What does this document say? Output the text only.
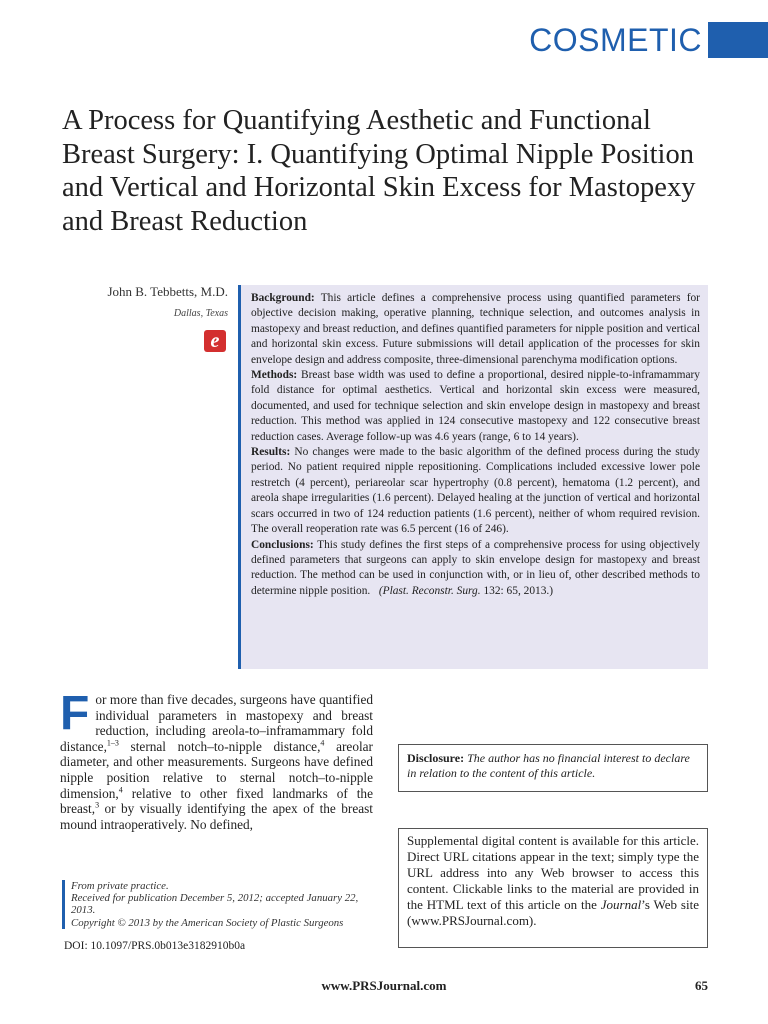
COSMETIC
A Process for Quantifying Aesthetic and Functional Breast Surgery: I. Quantifying Optimal Nipple Position and Vertical and Horizontal Skin Excess for Mastopexy and Breast Reduction
John B. Tebbetts, M.D.
Dallas, Texas
e

Background: This article defines a comprehensive process using quantified parameters for objective decision making, operative planning, technique selection, and outcomes analysis in mastopexy and breast reduction, and defines quantified parameters for nipple position and vertical and horizontal skin excess. Future submissions will detail application of the processes for skin envelope design and address composite, three-dimensional parenchyma modification options.

Methods: Breast base width was used to define a proportional, desired nipple-to-inframammary fold distance for optimal aesthetics. Vertical and horizontal skin excess were measured, documented, and used for technique selection and skin envelope design in mastopexy and breast reduction. This method was applied in 124 consecutive mastopexy and 122 consecutive breast reduction cases. Average follow-up was 4.6 years (range, 6 to 14 years).

Results: No changes were made to the basic algorithm of the defined process during the study period. No patient required nipple repositioning. Complications included excessive lower pole restretch (4 percent), periareolar scar hypertrophy (0.8 percent), hematoma (1.2 percent), and areola shape irregularities (1.6 percent). Delayed healing at the junction of vertical and horizontal scars occurred in two of 124 reduction patients (1.6 percent), neither of whom required revision. The overall reoperation rate was 6.5 percent (16 of 246).

Conclusions: This study defines the first steps of a comprehensive process for using objectively defined parameters that surgeons can apply to skin envelope design for mastopexy and breast reduction. The method can be used in conjunction with, or in lieu of, other described methods to determine nipple position. (Plast. Reconstr. Surg. 132: 65, 2013.)

For more than five decades, surgeons have quantified individual parameters in mastopexy and breast reduction, including areola-to–inframammary fold distance,$^{1-3}$ sternal notch–to-nipple distance,$^4$ areolar diameter, and other measurements. Surgeons have defined nipple position relative to sternal notch–to-nipple dimension,$^4$ relative to other fixed landmarks of the breast,$^3$ or by visually identifying the apex of the breast mound intraoperatively. No defined,

From private practice.
Received for publication December 5, 2012; accepted January 22, 2013.
Copyright © 2013 by the American Society of Plastic Surgeons
DOI: 10.1097/PRS.0b013e3182910b0a
Disclosure: The author has no financial interest to declare in relation to the content of this article.
Supplemental digital content is available for this article. Direct URL citations appear in the text; simply type the URL address into any Web browser to access this content. Clickable links to the material are provided in the HTML text of this article on the Journal’s Web site (www.PRSJournal.com).
www.PRSJournal.com	65
